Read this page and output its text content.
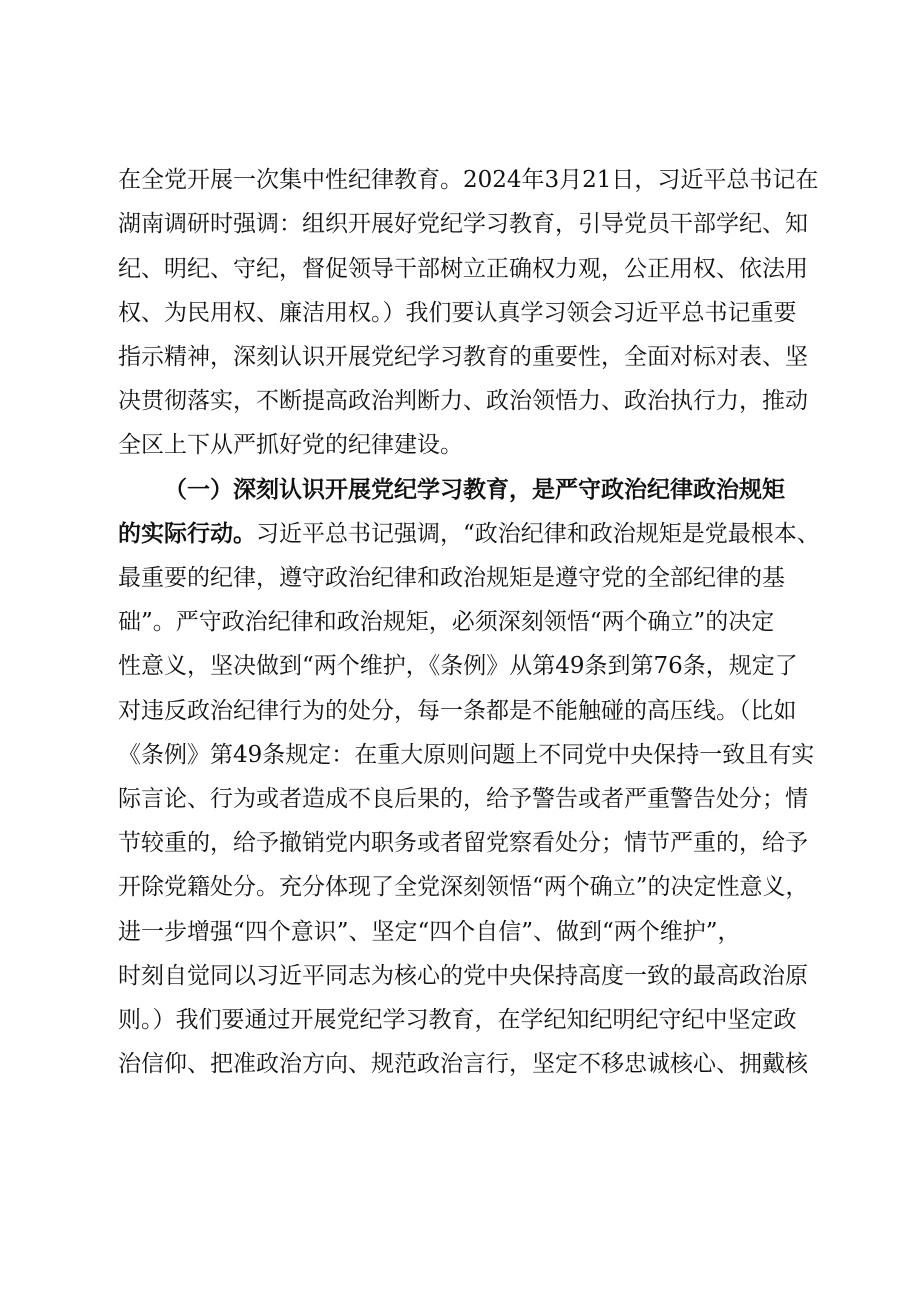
在全党开展一次集中性纪律教育。2024年3月21日，习近平总书记在
湖南调研时强调：组织开展好党纪学习教育，引导党员干部学纪、知
纪、明纪、守纪，督促领导干部树立正确权力观，公正用权、依法用
权、为民用权、廉洁用权。）我们要认真学习领会习近平总书记重要
指示精神，深刻认识开展党纪学习教育的重要性，全面对标对表、坚
决贯彻落实，不断提高政治判断力、政治领悟力、政治执行力，推动
全区上下从严抓好党的纪律建设。
（一）深刻认识开展党纪学习教育，是严守政治纪律政治规矩
的实际行动。习近平总书记强调，“政治纪律和政治规矩是党最根本、
最重要的纪律，遵守政治纪律和政治规矩是遵守党的全部纪律的基
础”。严守政治纪律和政治规矩，必须深刻领悟“两个确立”的决定
性意义，坚决做到“两个维护，《条例》从第49条到第76条，规定了
对违反政治纪律行为的处分，每一条都是不能触碰的高压线。（比如
《条例》第49条规定：在重大原则问题上不同党中央保持一致且有实
际言论、行为或者造成不良后果的，给予警告或者严重警告处分；情
节较重的，给予撤销党内职务或者留党察看处分；情节严重的，给予
开除党籍处分。充分体现了全党深刻领悟“两个确立”的决定性意义，
进一步增强“四个意识”、坚定“四个自信”、做到“两个维护”，
时刻自觉同以习近平同志为核心的党中央保持高度一致的最高政治原
则。）我们要通过开展党纪学习教育，在学纪知纪明纪守纪中坚定政
治信仰、把准政治方向、规范政治言行，坚定不移忠诚核心、拥戴核
